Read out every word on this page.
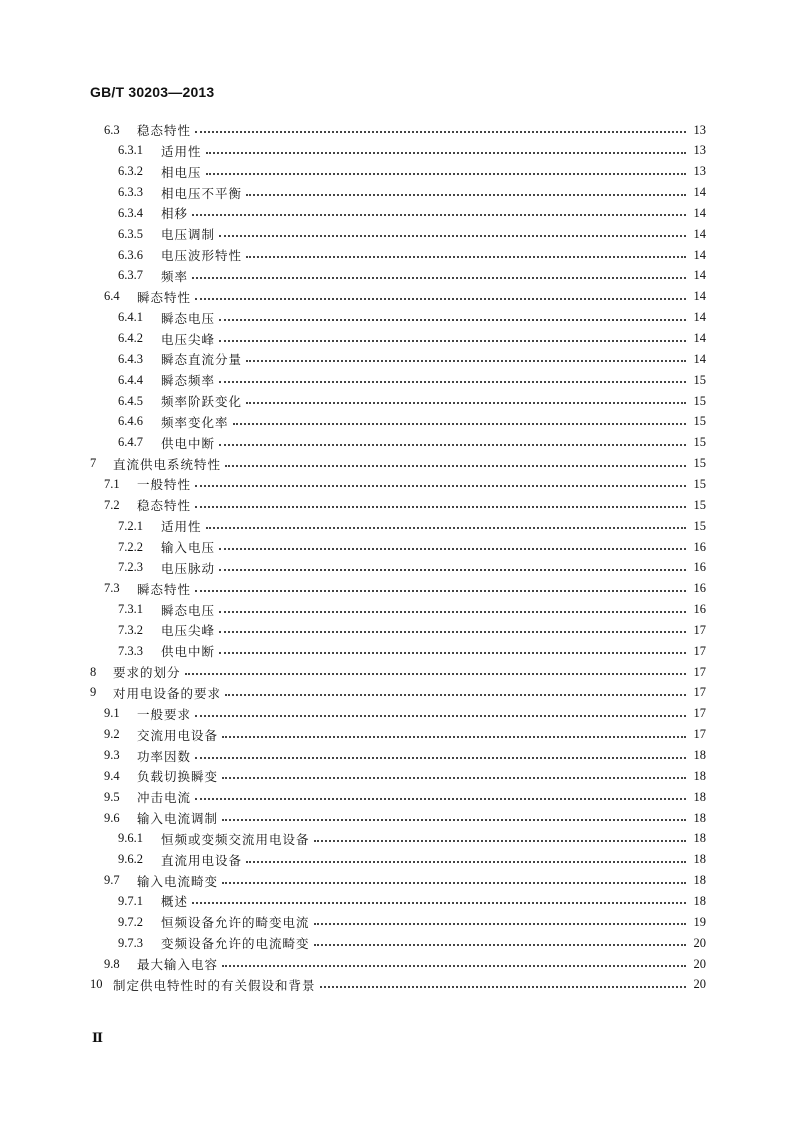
GB/T 30203—2013
6.3	稳态特性	13
6.3.1	适用性	13
6.3.2	相电压	13
6.3.3	相电压不平衡	14
6.3.4	相移	14
6.3.5	电压调制	14
6.3.6	电压波形特性	14
6.3.7	频率	14
6.4	瞬态特性	14
6.4.1	瞬态电压	14
6.4.2	电压尖峰	14
6.4.3	瞬态直流分量	14
6.4.4	瞬态频率	15
6.4.5	频率阶跃变化	15
6.4.6	频率变化率	15
6.4.7	供电中断	15
7	直流供电系统特性	15
7.1	一般特性	15
7.2	稳态特性	15
7.2.1	适用性	15
7.2.2	输入电压	16
7.2.3	电压脉动	16
7.3	瞬态特性	16
7.3.1	瞬态电压	16
7.3.2	电压尖峰	17
7.3.3	供电中断	17
8	要求的划分	17
9	对用电设备的要求	17
9.1	一般要求	17
9.2	交流用电设备	17
9.3	功率因数	18
9.4	负载切换瞬变	18
9.5	冲击电流	18
9.6	输入电流调制	18
9.6.1	恒频或变频交流用电设备	18
9.6.2	直流用电设备	18
9.7	输入电流畸变	18
9.7.1	概述	18
9.7.2	恒频设备允许的畸变电流	19
9.7.3	变频设备允许的电流畸变	20
9.8	最大输入电容	20
10 制定供电特性时的有关假设和背景	20
Ⅱ
